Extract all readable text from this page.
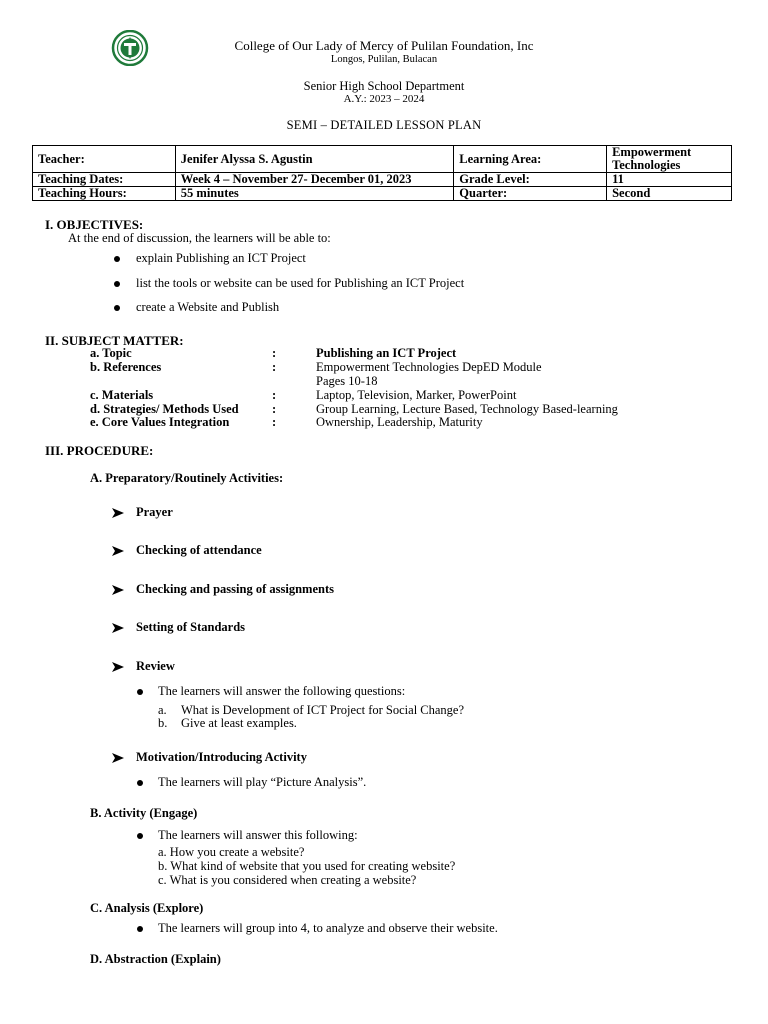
College of Our Lady of Mercy of Pulilan Foundation, Inc
Longos, Pulilan, Bulacan
Senior High School Department
A.Y.: 2023 – 2024
SEMI – DETAILED LESSON PLAN
Teacher:	Jenifer Alyssa S. Agustin	Learning Area:	Empowerment Technologies
Teaching Dates:	Week 4 – November 27- December 01, 2023	Grade Level:	11
Teaching Hours:	55 minutes	Quarter:	Second
I. OBJECTIVES:
At the end of discussion, the learners will be able to:
explain Publishing an ICT Project
list the tools or website can be used for Publishing an ICT Project
create a Website and Publish
II. SUBJECT MATTER:
a. Topic	:	Publishing an ICT Project
b. References	:	Empowerment Technologies DepED Module
Pages 10-18
c. Materials	:	Laptop, Television, Marker, PowerPoint
d. Strategies/ Methods Used	:	Group Learning, Lecture Based, Technology Based-learning
e. Core Values Integration	:	Ownership, Leadership, Maturity
III. PROCEDURE:
A. Preparatory/Routinely Activities:
Prayer
Checking of attendance
Checking and passing of assignments
Setting of Standards
Review
The learners will answer the following questions:
a. What is Development of ICT Project for Social Change?
b. Give at least examples.
Motivation/Introducing Activity
The learners will play “Picture Analysis”.
B. Activity (Engage)
The learners will answer this following:
a. How you create a website?
b. What kind of website that you used for creating website?
c. What is you considered when creating a website?
C. Analysis (Explore)
The learners will group into 4, to analyze and observe their website.
D. Abstraction (Explain)
